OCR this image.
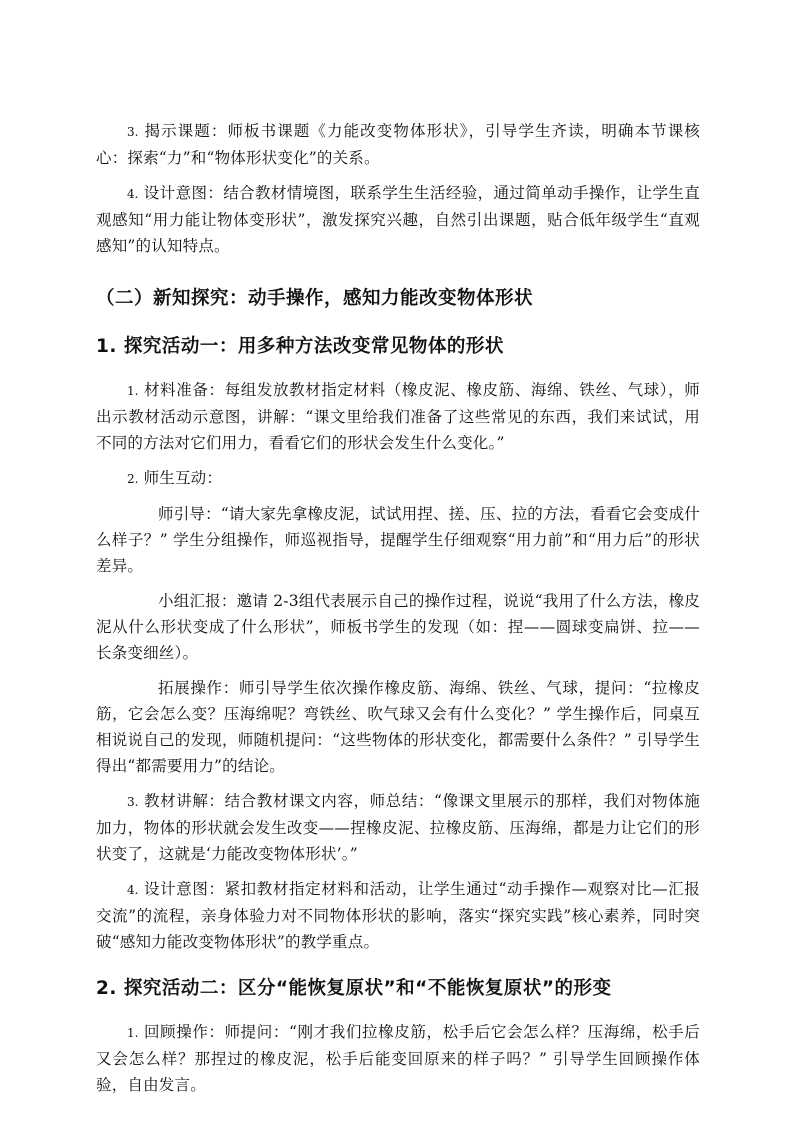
3. 揭示课题：师板书课题《力能改变物体形状》，引导学生齐读，明确本节课核心：探索“力”和“物体形状变化”的关系。

4. 设计意图：结合教材情境图，联系学生生活经验，通过简单动手操作，让学生直观感知“用力能让物体变形状”，激发探究兴趣，自然引出课题，贴合低年级学生“直观感知”的认知特点。

（二）新知探究：动手操作，感知力能改变物体形状
1. 探究活动一：用多种方法改变常见物体的形状

1. 材料准备：每组发放教材指定材料（橡皮泥、橡皮筋、海绵、铁丝、气球），师出示教材活动示意图，讲解：“课文里给我们准备了这些常见的东西，我们来试试，用不同的方法对它们用力，看看它们的形状会发生什么变化。”

2. 师生互动：

师引导：“请大家先拿橡皮泥，试试用捏、搓、压、拉的方法，看看它会变成什么样子？” 学生分组操作，师巡视指导，提醒学生仔细观察“用力前”和“用力后”的形状差异。

小组汇报：邀请 2-3组代表展示自己的操作过程，说说“我用了什么方法，橡皮泥从什么形状变成了什么形状”，师板书学生的发现（如：捏——圆球变扁饼、拉——长条变细丝）。

拓展操作：师引导学生依次操作橡皮筋、海绵、铁丝、气球，提问：“拉橡皮筋，它会怎么变？压海绵呢？弯铁丝、吹气球又会有什么变化？” 学生操作后，同桌互相说说自己的发现，师随机提问：“这些物体的形状变化，都需要什么条件？” 引导学生得出“都需要用力”的结论。

3. 教材讲解：结合教材课文内容，师总结：“像课文里展示的那样，我们对物体施加力，物体的形状就会发生改变——捏橡皮泥、拉橡皮筋、压海绵，都是力让它们的形状变了，这就是‘力能改变物体形状’。”

4. 设计意图：紧扣教材指定材料和活动，让学生通过“动手操作—观察对比—汇报交流”的流程，亲身体验力对不同物体形状的影响，落实“探究实践”核心素养，同时突破“感知力能改变物体形状”的教学重点。

2. 探究活动二：区分“能恢复原状”和“不能恢复原状”的形变

1. 回顾操作：师提问：“刚才我们拉橡皮筋，松手后它会怎么样？压海绵，松手后又会怎么样？那捏过的橡皮泥，松手后能变回原来的样子吗？” 引导学生回顾操作体验，自由发言。
